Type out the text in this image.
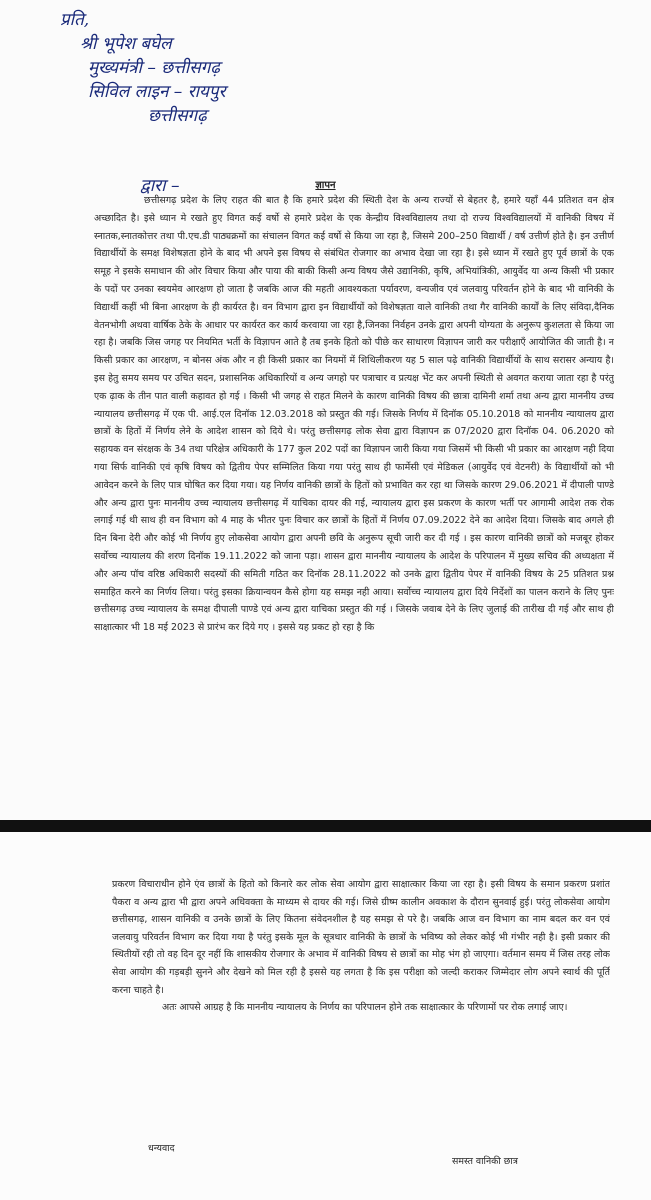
प्रति,
श्री भूपेश बघेल
मुख्यमंत्री – छत्तीसगढ़
सिविल लाइन – रायपुर
छत्तीसगढ़
द्वारा –	ज्ञापन

छत्तीसगढ़ प्रदेश के लिए राहत की बात है कि हमारे प्रदेश की स्थिती देश के अन्य राज्यों से बेहतर है, हमारे यहाँ 44 प्रतिशत वन क्षेत्र अच्छादित है। इसे ध्यान मे रखते हुए विगत कई वर्षो से हमारे प्रदेश के एक केन्द्रीय विश्वविद्यालय तथा दो राज्य विश्वविद्यालयों में वानिकी विषय में स्नातक,स्नातकोत्तर तथा पी.एच.डी पाठ्यक्रमों का संचालन विगत कई वर्षो से किया जा रहा है, जिसमे 200–250 विद्यार्थी / वर्ष उत्तीर्ण होते है। इन उत्तीर्ण विद्यार्थीयों के समक्ष विशेषज्ञता होने के बाद भी अपने इस विषय से संबंधित रोजगार का अभाव देखा जा रहा है। इसे ध्यान में रखते हुए पूर्व छात्रों के एक समूह ने इसके समाधान की ओर विचार किया और पाया की बाकी किसी अन्य विषय जैसे उद्यानिकी, कृषि, अभियांत्रिकी, आयुर्वेद या अन्य किसी भी प्रकार के पदों पर उनका स्वयमेव आरक्षण हो जाता है जबकि आज की महती आवश्यकता पर्यावरण, वन्यजीव एवं जलवायु परिवर्तन होने के बाद भी वानिकी के विद्यार्थी कहीं भी बिना आरक्षण के ही कार्यरत है। वन विभाग द्वारा इन विद्यार्थीयों को विशेषज्ञता वाले वानिकी तथा गैर वानिकी कार्यों के लिए संविदा,दैनिक वेतनभोगी अथवा वार्षिक ठेके के आधार पर कार्यरत कर कार्य करवाया जा रहा है,जिनका निर्वहन उनके द्वारा अपनी योग्यता के अनुरूप कुशलता से किया जा रहा है। जबकि जिस जगह पर नियमित भर्ती के विज्ञापन आते है तब इनके हितो को पीछे कर साधारण विज्ञापन जारी कर परीक्षाएँ आयोजित की जाती है। न किसी प्रकार का आरक्षण, न बोनस अंक और न ही किसी प्रकार का नियमों में शिथिलीकरण यह 5 साल पढ़े वानिकी विद्यार्थीयों के साथ सरासर अन्याय है। इस हेतु समय समय पर उचित सदन, प्रशासनिक अधिकारियों व अन्य जगहो पर पत्राचार व प्रत्यक्ष भेंट कर अपनी स्थिती से अवगत कराया जाता रहा है परंतु एक ढ़ाक के तीन पात वाली कहावत हो गई । किसी भी जगह से राहत मिलने के कारण वानिकी विषय की छात्रा दामिनी शर्मा तथा अन्य द्वारा माननीय उच्च न्यायालय छत्तीसगढ़ में एक पी. आई.एल दिनॉक 12.03.2018 को प्रस्तुत की गई। जिसके निर्णय में दिनॉक 05.10.2018 को माननीय न्यायालय द्वारा छात्रों के हितों में निर्णय लेने के आदेश शासन को दिये थे। परंतु छत्तीसगढ़ लोक सेवा द्वारा विज्ञापन क्र 07/2020 द्वारा दिनॉक 04. 06.2020 को सहायक वन संरक्षक के 34 तथा परिक्षेत्र अधिकारी के 177 कुल 202 पदों का विज्ञापन जारी किया गया जिसमें भी किसी भी प्रकार का आरक्षण नही दिया गया सिर्फ वानिकी एवं कृषि विषय को द्वितीय पेपर सम्मिलित किया गया परंतु साथ ही फार्मेसी एवं मेडिकल (आयुर्वेद एवं वेटनरी) के विद्यार्थीयों को भी आवेदन करने के लिए पात्र घोषित कर दिया गया। यह निर्णय वानिकी छात्रों के हितों को प्रभावित कर रहा था जिसके कारण 29.06.2021 में दीपाली पाण्डे और अन्य द्वारा पुनः माननीय उच्च न्यायालय छत्तीसगढ़ में याचिका दायर की गई, न्यायालय द्वारा इस प्रकरण के कारण भर्ती पर आगामी आदेश तक रोक लगाई गई थी साथ ही वन विभाग को 4 माह के भीतर पुनः विचार कर छात्रों के हितों में निर्णय 07.09.2022 देने का आदेश दिया। जिसके बाद अगले ही दिन बिना देरी और कोई भी निर्णय हुए लोकसेवा आयोग द्वारा अपनी छवि के अनुरूप सूची जारी कर दी गई । इस कारण वानिकी छात्रों को मजबूर होकर सर्वोच्च न्यायालय की शरण दिनॉक 19.11.2022 को जाना पड़ा। शासन द्वारा माननीय न्यायालय के आदेश के परिपालन में मुख्य सचिव की अध्यक्षता में और अन्य पॉच वरिष्ठ अधिकारी सदस्यों की समिती गठित कर दिनॉक 28.11.2022 को उनके द्वारा द्वितीय पेपर में वानिकी विषय के 25 प्रतिशत प्रश्न समाहित करने का निर्णय लिया। परंतु इसका क्रियान्वयन कैसे होगा यह समझ नही आया। सर्वोच्च न्यायालय द्वारा दिये निर्देशों का पालन कराने के लिए पुनः छत्तीसगढ़ उच्च न्यायालय के समक्ष दीपाली पाण्डे एवं अन्य द्वारा याचिका प्रस्तुत की गई । जिसके जवाब देने के लिए जुलाई की तारीख दी गई और साथ ही साक्षात्कार भी 18 मई 2023 से प्रारंभ कर दिये गए । इससे यह प्रकट हो रहा है कि

प्रकरण विचाराधीन होने एंव छात्रों के हितो को किनारे कर लोक सेवा आयोग द्वारा साक्षात्कार किया जा रहा है। इसी विषय के समान प्रकरण प्रशांत पैकरा व अन्य द्वारा भी द्वारा अपने अधिवक्ता के माध्यम से दायर की गई। जिसे ग्रीष्म कालीन अवकाश के दौरान सुनवाई हुई। परंतु लोकसेवा आयोग छत्तीसगढ़, शासन वानिकी व उनके छात्रों के लिए कितना संवेदनशील है यह समझ से परे है। जबकि आज वन विभाग का नाम बदल कर वन एवं जलवायु परिवर्तन विभाग कर दिया गया है परंतु इसके मूल के सूत्रधार वानिकी के छात्रों के भविष्य को लेकर कोई भी गंभीर नही है। इसी प्रकार की स्थितीयों रही तो वह दिन दूर नहीं कि शासकीय रोजगार के अभाव में वानिकी विषय से छात्रों का मोह भंग हो जाएगा। वर्तमान समय में जिस तरह लोक सेवा आयोग की गड़बड़ी सुनने और देखने को मिल रही है इससे यह लगता है कि इस परीक्षा को जल्दी कराकर जिम्मेदार लोग अपने स्वार्थ की पूर्ति करना चाहते है।

अतः आपसे आग्रह है कि माननीय न्यायालय के निर्णय का परिपालन होने तक साक्षात्कार के परिणामों पर रोक लगाई जाए।

धन्यवाद
समस्त वानिकी छात्र
